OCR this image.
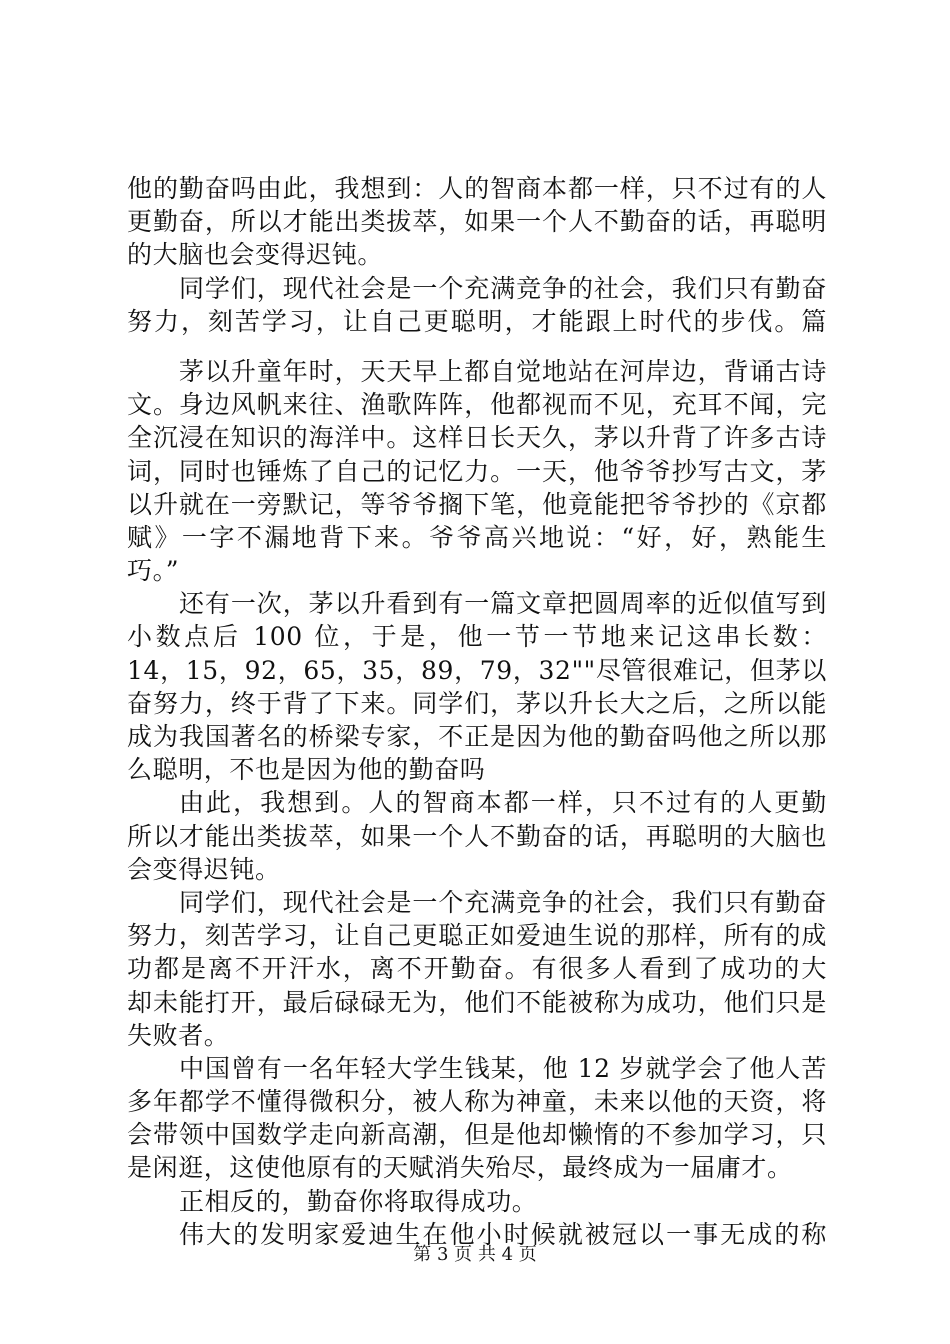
他的勤奋吗由此，我想到：人的智商本都一样，只不过有的人
更勤奋，所以才能出类拔萃，如果一个人不勤奋的话，再聪明
的大脑也会变得迟钝。
同学们，现代社会是一个充满竞争的社会，我们只有勤奋
努力，刻苦学习，让自己更聪明，才能跟上时代的步伐。篇
茅以升童年时，天天早上都自觉地站在河岸边，背诵古诗
文。身边风帆来往、渔歌阵阵，他都视而不见，充耳不闻，完
全沉浸在知识的海洋中。这样日长天久，茅以升背了许多古诗
词，同时也锤炼了自己的记忆力。一天，他爷爷抄写古文，茅
以升就在一旁默记，等爷爷搁下笔，他竟能把爷爷抄的《京都
赋》一字不漏地背下来。爷爷高兴地说：“好，好，熟能生
巧。”
还有一次，茅以升看到有一篇文章把圆周率的近似值写到
小数点后 100 位，于是，他一节一节地来记这串长数：
14，15，92，65，35，89，79，32""尽管很难记，但茅以
奋努力，终于背了下来。同学们，茅以升长大之后，之所以能
成为我国著名的桥梁专家，不正是因为他的勤奋吗他之所以那
么聪明，不也是因为他的勤奋吗
由此，我想到。人的智商本都一样，只不过有的人更勤
所以才能出类拔萃，如果一个人不勤奋的话，再聪明的大脑也
会变得迟钝。
同学们，现代社会是一个充满竞争的社会，我们只有勤奋
努力，刻苦学习，让自己更聪正如爱迪生说的那样，所有的成
功都是离不开汗水，离不开勤奋。有很多人看到了成功的大
却未能打开，最后碌碌无为，他们不能被称为成功，他们只是
失败者。
中国曾有一名年轻大学生钱某，他 12 岁就学会了他人苦
多年都学不懂得微积分，被人称为神童，未来以他的天资，将
会带领中国数学走向新高潮，但是他却懒惰的不参加学习，只
是闲逛，这使他原有的天赋消失殆尽，最终成为一届庸才。
正相反的，勤奋你将取得成功。
伟大的发明家爱迪生在他小时候就被冠以一事无成的称
第 3 页 共 4 页
